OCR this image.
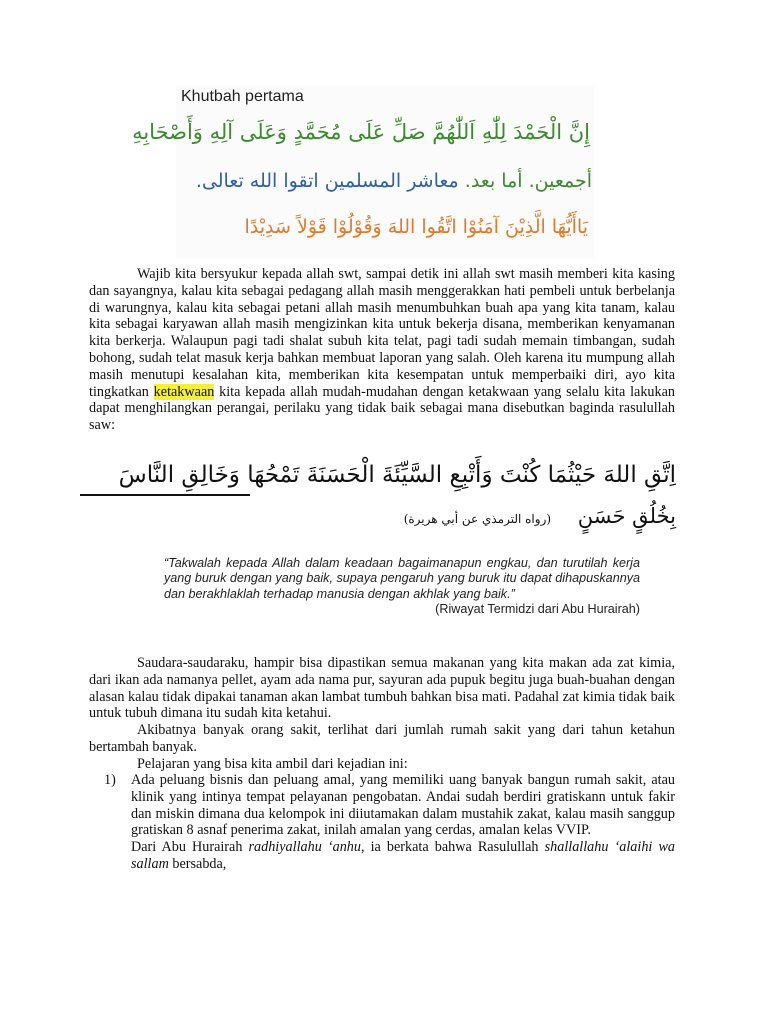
Khutbah pertama
إِنَّ الْحَمْدَ لِلّٰهِ اَللّٰهُمَّ صَلِّ عَلَى مُحَمَّدٍ وَعَلَى آلِهِ وَأَصْحَابِهِ
أجمعين. أما بعد. معاشر المسلمين اتقوا الله تعالى.
يَاأَيُّهَا الَّذِيْنَ آمَنُوْا اتَّقُوا اللهَ وَقُوْلُوْا قَوْلاً سَدِيْدًا

Wajib kita bersyukur kepada allah swt, sampai detik ini allah swt masih memberi kita kasing dan sayangnya, kalau kita sebagai pedagang allah masih menggerakkan hati pembeli untuk berbelanja di warungnya, kalau kita sebagai petani allah masih menumbuhkan buah apa yang kita tanam, kalau kita sebagai karyawan allah masih mengizinkan kita untuk bekerja disana, memberikan kenyamanan kita berkerja. Walaupun pagi tadi shalat subuh kita telat, pagi tadi sudah memain timbangan, sudah bohong, sudah telat masuk kerja bahkan membuat laporan yang salah. Oleh karena itu mumpung allah masih menutupi kesalahan kita, memberikan kita kesempatan untuk memperbaiki diri, ayo kita tingkatkan ketakwaan kita kepada allah mudah-mudahan dengan ketakwaan yang selalu kita lakukan dapat menghilangkan perangai, perilaku yang tidak baik sebagai mana disebutkan baginda rasulullah saw:

اِتَّقِ اللهَ حَيْثُمَا كُنْتَ وَأَتْبِعِ السَّيِّئَةَ الْحَسَنَةَ تَمْحُهَا وَخَالِقِ النَّاسَ
بِخُلُقٍ حَسَنٍ    (رواه الترمذي عن أبي هريرة)
“Takwalah kepada Allah dalam keadaan bagaimanapun engkau, dan turutilah kerja yang buruk dengan yang baik, supaya pengaruh yang buruk itu dapat dihapuskannya dan berakhlaklah terhadap manusia dengan akhlak yang baik.”
(Riwayat Termidzi dari Abu Hurairah)

Saudara-saudaraku, hampir bisa dipastikan semua makanan yang kita makan ada zat kimia, dari ikan ada namanya pellet, ayam ada nama pur, sayuran ada pupuk begitu juga buah-buahan dengan alasan kalau tidak dipakai tanaman akan lambat tumbuh bahkan bisa mati. Padahal zat kimia tidak baik untuk tubuh dimana itu sudah kita ketahui.

Akibatnya banyak orang sakit, terlihat dari jumlah rumah sakit yang dari tahun ketahun bertambah banyak.

Pelajaran yang bisa kita ambil dari kejadian ini:

1) Ada peluang bisnis dan peluang amal, yang memiliki uang banyak bangun rumah sakit, atau klinik yang intinya tempat pelayanan pengobatan. Andai sudah berdiri gratiskann untuk fakir dan miskin dimana dua kelompok ini diiutamakan dalam mustahik zakat, kalau masih sanggup gratiskan 8 asnaf penerima zakat, inilah amalan yang cerdas, amalan kelas VVIP.

Dari Abu Hurairah radhiyallahu ‘anhu, ia berkata bahwa Rasulullah shallallahu ‘alaihi wa sallam bersabda,
